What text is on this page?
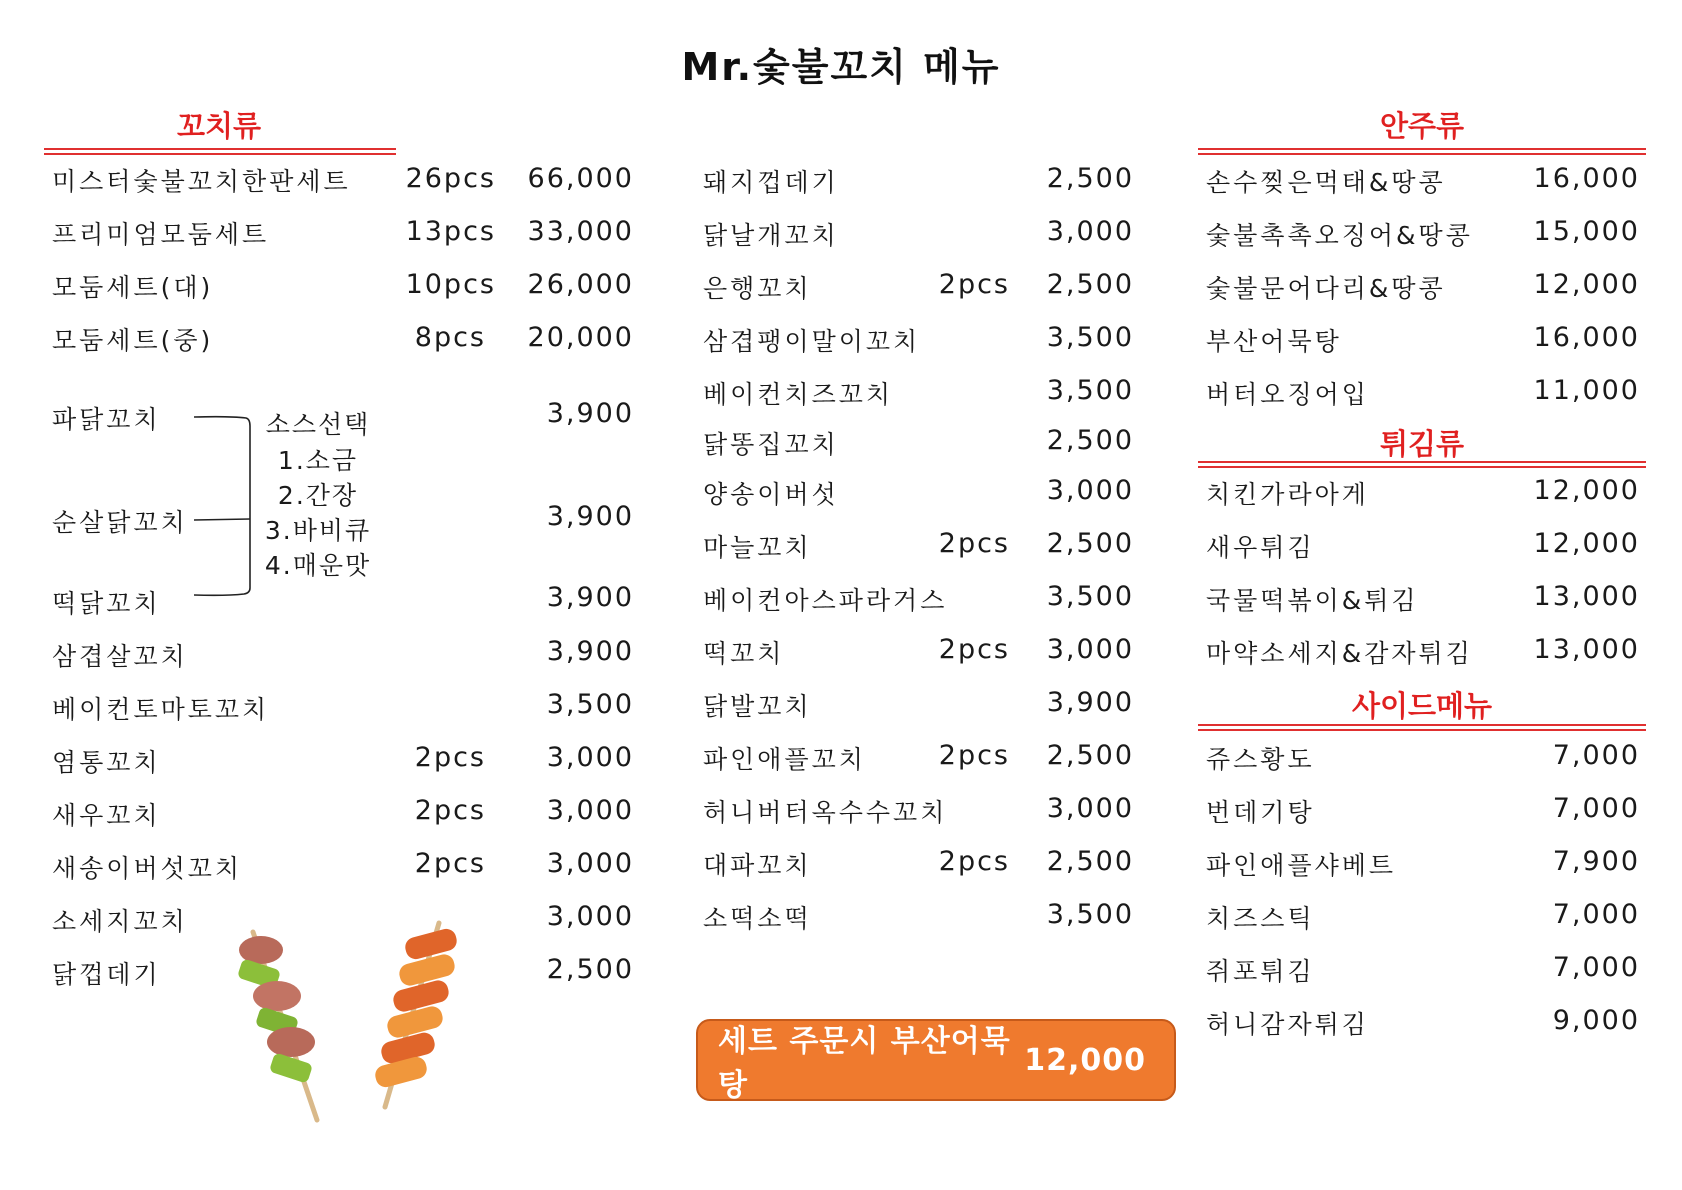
Mr.숯불꼬치 메뉴
꼬치류
미스터숯불꼬치한판세트 26pcs	66,000
프리미엄모둠세트	13pcs	33,000
모둠세트(대)	10pcs	26,000
모둠세트(중)	8pcs	20,000
파닭꼬치	3,900
순살닭꼬치	3,900
떡닭꼬치	3,900
소스선택
1.소금
2.간장
3.바비큐
4.매운맛
삼겹살꼬치	3,900
베이컨토마토꼬치	3,500
염통꼬치	2pcs	3,000
새우꼬치	2pcs	3,000
새송이버섯꼬치	2pcs	3,000
소세지꼬치	3,000
닭껍데기	2,500
돼지껍데기	2,500
닭날개꼬치	3,000
은행꼬치	2pcs	2,500
삼겹팽이말이꼬치	3,500
베이컨치즈꼬치	3,500
닭똥집꼬치	2,500
양송이버섯	3,000
마늘꼬치	2pcs	2,500
베이컨아스파라거스	3,500
떡꼬치	2pcs	3,000
닭발꼬치	3,900
파인애플꼬치	2pcs	2,500
허니버터옥수수꼬치	3,000
대파꼬치	2pcs	2,500
소떡소떡	3,500
세트 주문시 부산어묵탕
12,000
안주류
손수찢은먹태&땅콩	16,000
숯불촉촉오징어&땅콩	15,000
숯불문어다리&땅콩	12,000
부산어묵탕	16,000
버터오징어입	11,000
튀김류
치킨가라아게	12,000
새우튀김	12,000
국물떡볶이&튀김	13,000
마약소세지&감자튀김	13,000
사이드메뉴
쥬스황도	7,000
번데기탕	7,000
파인애플샤베트	7,900
치즈스틱	7,000
쥐포튀김	7,000
허니감자튀김	9,000
